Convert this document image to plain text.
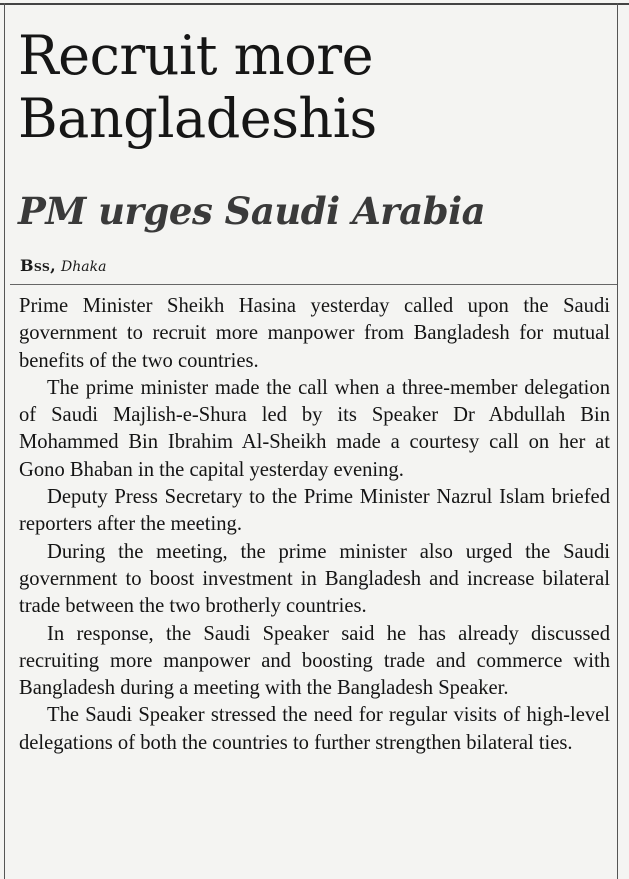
Recruit more Bangladeshis
PM urges Saudi Arabia
Bss, Dhaka

Prime Minister Sheikh Hasina yesterday called upon the Saudi government to recruit more manpower from Bangladesh for mutual benefits of the two countries.

The prime minister made the call when a three-member delegation of Saudi Majlish-e-Shura led by its Speaker Dr Abdullah Bin Mohammed Bin Ibrahim Al-Sheikh made a courtesy call on her at Gono Bhaban in the capital yesterday evening.

Deputy Press Secretary to the Prime Minister Nazrul Islam briefed reporters after the meeting.

During the meeting, the prime minister also urged the Saudi government to boost investment in Bangladesh and increase bilateral trade between the two brotherly countries.

In response, the Saudi Speaker said he has already discussed recruiting more manpower and boosting trade and commerce with Bangladesh during a meeting with the Bangladesh Speaker.

The Saudi Speaker stressed the need for regular visits of high-level delegations of both the countries to further strengthen bilateral ties.
